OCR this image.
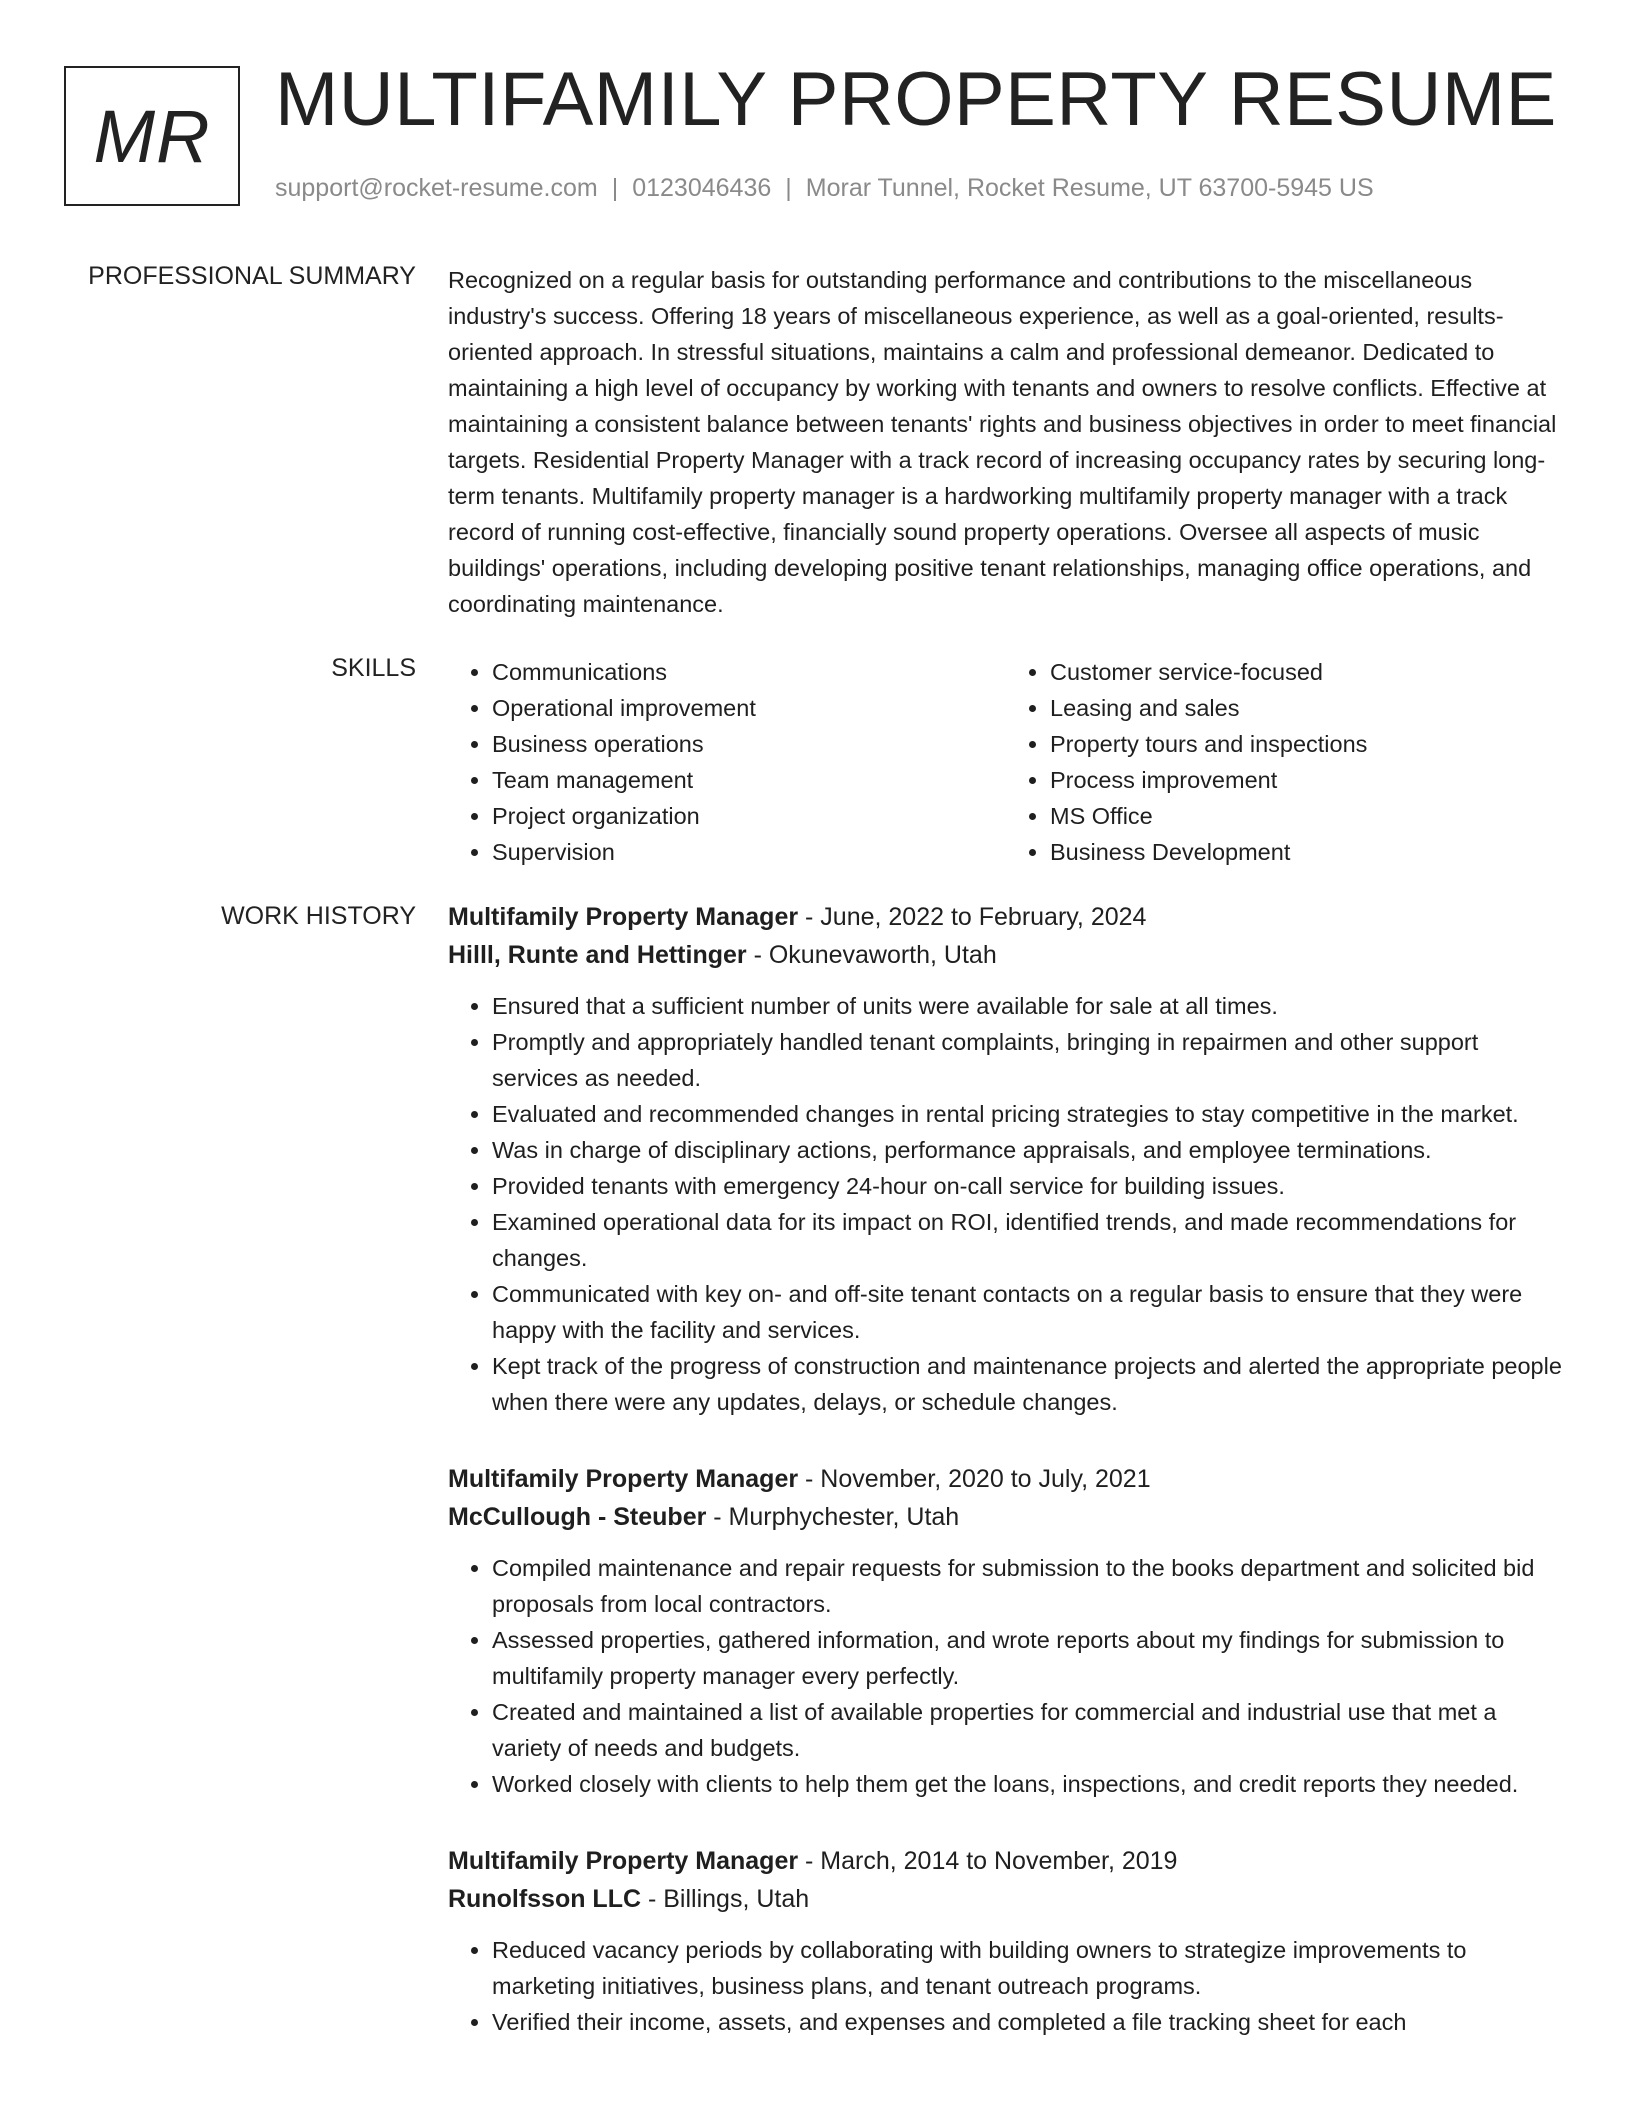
MR MULTIFAMILY PROPERTY RESUME
support@rocket-resume.com | 0123046436 | Morar Tunnel, Rocket Resume, UT 63700-5945 US
PROFESSIONAL SUMMARY Recognized on a regular basis for outstanding performance and contributions to the miscellaneous industry's success. Offering 18 years of miscellaneous experience, as well as a goal-oriented, results-oriented approach. In stressful situations, maintains a calm and professional demeanor. Dedicated to maintaining a high level of occupancy by working with tenants and owners to resolve conflicts. Effective at maintaining a consistent balance between tenants' rights and business objectives in order to meet financial targets. Residential Property Manager with a track record of increasing occupancy rates by securing long-term tenants. Multifamily property manager is a hardworking multifamily property manager with a track record of running cost-effective, financially sound property operations. Oversee all aspects of music buildings' operations, including developing positive tenant relationships, managing office operations, and coordinating maintenance.

SKILLS
•	Communications
• Operational improvement
• Business operations
• Team management
• Project organization
• Supervision
• Customer service-focused
• Leasing and sales
• Property tours and inspections
• Process improvement
• MS Office
• Business Development
WORK HISTORY Multifamily Property Manager - June, 2022 to February, 2024
Hilll, Runte and Hettinger - Okunevaworth, Utah
• Ensured that a sufficient number of units were available for sale at all times.
• Promptly and appropriately handled tenant complaints, bringing in repairmen and other support services as needed.
• Evaluated and recommended changes in rental pricing strategies to stay competitive in the market.
• Was in charge of disciplinary actions, performance appraisals, and employee terminations.
• Provided tenants with emergency 24-hour on-call service for building issues.
• Examined operational data for its impact on ROI, identified trends, and made recommendations for changes.
• Communicated with key on- and off-site tenant contacts on a regular basis to ensure that they were happy with the facility and services.
• Kept track of the progress of construction and maintenance projects and alerted the appropriate people when there were any updates, delays, or schedule changes.
Multifamily Property Manager - November, 2020 to July, 2021
McCullough - Steuber - Murphychester, Utah
• Compiled maintenance and repair requests for submission to the books department and solicited bid proposals from local contractors.
• Assessed properties, gathered information, and wrote reports about my findings for submission to multifamily property manager every perfectly.
• Created and maintained a list of available properties for commercial and industrial use that met a variety of needs and budgets.
• Worked closely with clients to help them get the loans, inspections, and credit reports they needed.
Multifamily Property Manager - March, 2014 to November, 2019
Runolfsson LLC - Billings, Utah
• Reduced vacancy periods by collaborating with building owners to strategize improvements to marketing initiatives, business plans, and tenant outreach programs.
• Verified their income, assets, and expenses and completed a file tracking sheet for each
